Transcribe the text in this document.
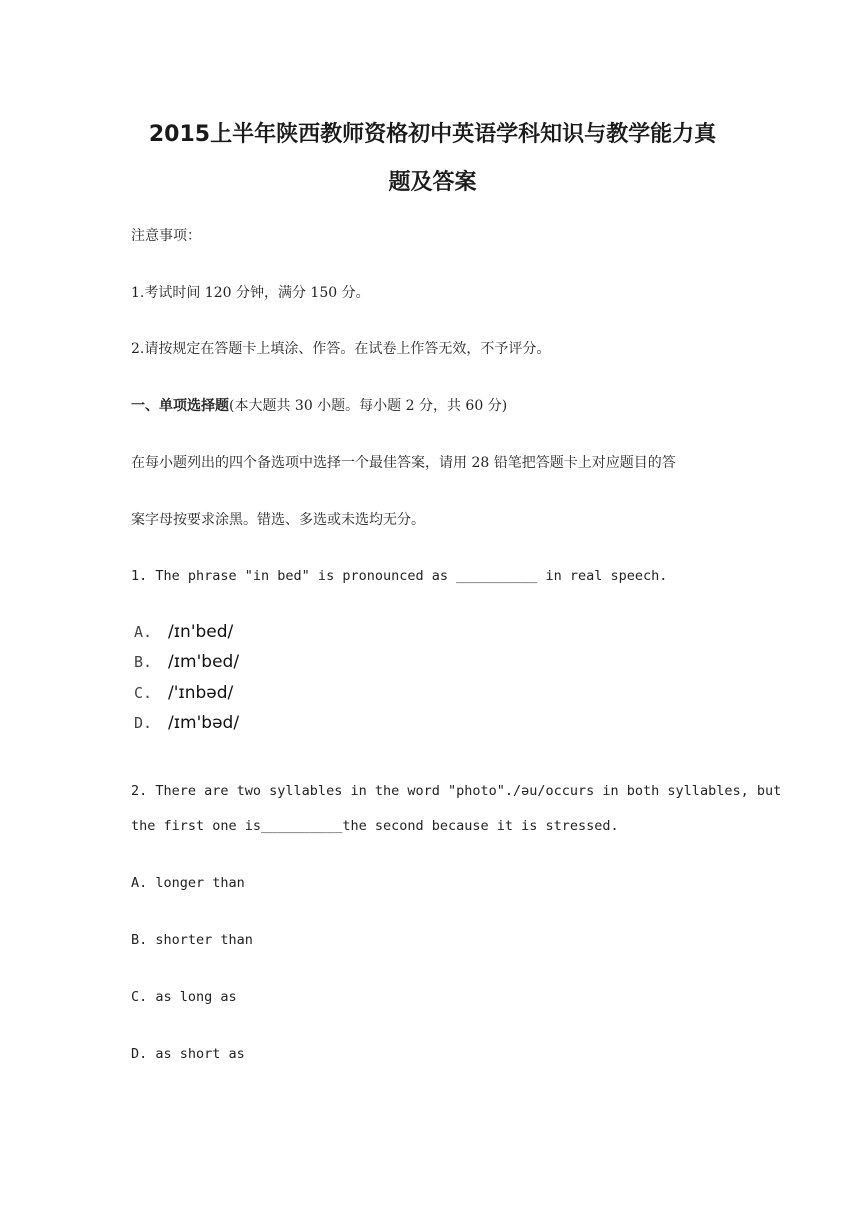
2015上半年陕西教师资格初中英语学科知识与教学能力真
题及答案
注意事项：
1.考试时间 120 分钟，满分 150 分。
2.请按规定在答题卡上填涂、作答。在试卷上作答无效，不予评分。
一、单项选择题(本大题共 30 小题。每小题 2 分，共 60 分)
在每小题列出的四个备选项中选择一个最佳答案，请用 28 铅笔把答题卡上对应题目的答
案字母按要求涂黑。错选、多选或未选均无分。
1. The phrase "in bed" is pronounced as __________ in real speech.
A. /ɪn'bed/
B. /ɪm'bed/
C. /'ɪnbəd/
D. /ɪm'bəd/
2. There are two syllables in the word "photo"./əu/occurs in both syllables, but
the first one is__________the second because it is stressed.
A. longer than
B. shorter than
C. as long as
D. as short as
